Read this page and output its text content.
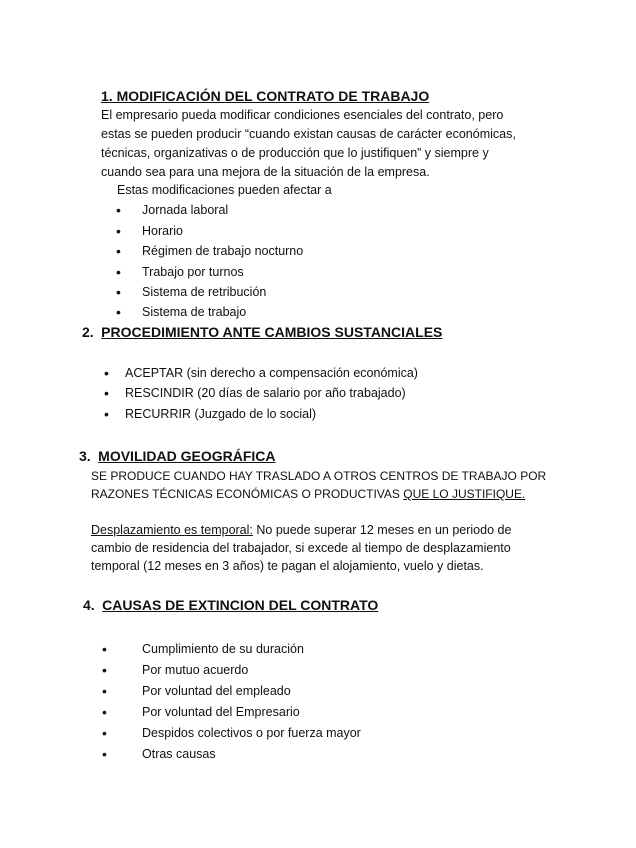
1. MODIFICACIÓN DEL CONTRATO DE TRABAJO
El empresario pueda modificar condiciones esenciales del contrato, pero estas se pueden producir “cuando existan causas de carácter económicas, técnicas, organizativas o de producción que lo justifiquen” y siempre y cuando sea para una mejora de la situación de la empresa.
Estas modificaciones pueden afectar a
• Jornada laboral
• Horario
• Régimen de trabajo nocturno
• Trabajo por turnos
• Sistema de retribución
• Sistema de trabajo
2. PROCEDIMIENTO ANTE CAMBIOS SUSTANCIALES
• ACEPTAR (sin derecho a compensación económica)
• RESCINDIR (20 días de salario por año trabajado)
• RECURRIR (Juzgado de lo social)
3. MOVILIDAD GEOGRÁFICA
SE PRODUCE CUANDO HAY TRASLADO A OTROS CENTROS DE TRABAJO POR
RAZONES TÉCNICAS ECONÓMICAS O PRODUCTIVAS QUE LO JUSTIFIQUE.
Desplazamiento es temporal: No puede superar 12 meses en un periodo de
cambio de residencia del trabajador, si excede al tiempo de desplazamiento
temporal (12 meses en 3 años) te pagan el alojamiento, vuelo y dietas.
4. CAUSAS DE EXTINCION DEL CONTRATO
•	Cumplimiento de su duración
•	Por mutuo acuerdo
•	Por voluntad del empleado
•	Por voluntad del Empresario
•	Despidos colectivos o por fuerza mayor
•	Otras causas
